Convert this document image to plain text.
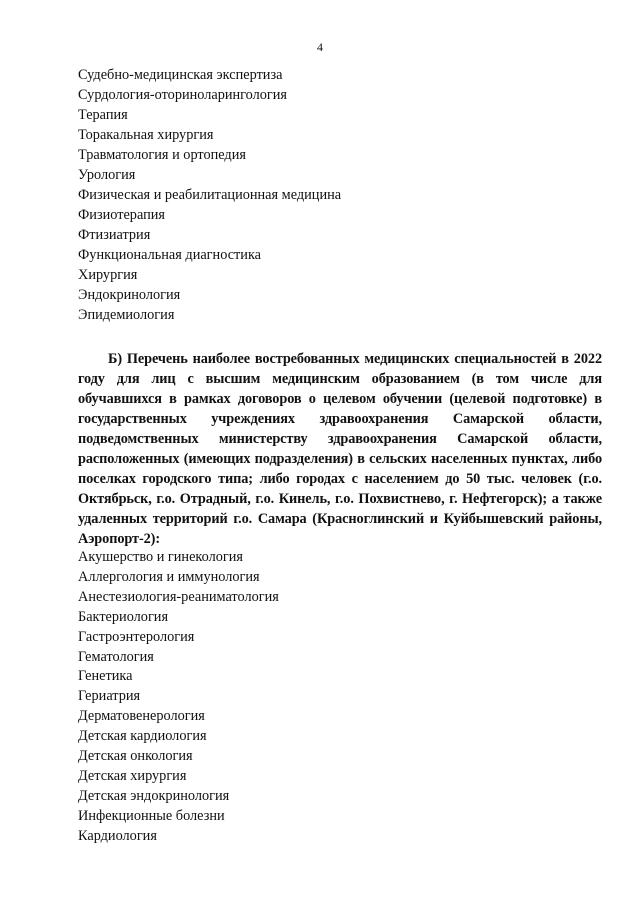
4
Судебно-медицинская экспертиза
Сурдология-оториноларингология
Терапия
Торакальная хирургия
Травматология и ортопедия
Урология
Физическая и реабилитационная медицина
Физиотерапия
Фтизиатрия
Функциональная диагностика
Хирургия
Эндокринология
Эпидемиология

Б) Перечень наиболее востребованных медицинских специальностей в 2022 году для лиц с высшим медицинским образованием (в том числе для обучавшихся в рамках договоров о целевом обучении (целевой подготовке) в государственных учреждениях здравоохранения Самарской области, подведомственных министерству здравоохранения Самарской области, расположенных (имеющих подразделения) в сельских населенных пунктах, либо поселках городского типа; либо городах с населением до 50 тыс. человек (г.о. Октябрьск, г.о. Отрадный, г.о. Кинель, г.о. Похвистнево, г. Нефтегорск); а также удаленных территорий г.о. Самара (Красноглинский и Куйбышевский районы, Аэропорт-2):

Акушерство и гинекология
Аллергология и иммунология
Анестезиология-реаниматология
Бактериология
Гастроэнтерология
Гематология
Генетика
Гериатрия
Дерматовенерология
Детская кардиология
Детская онкология
Детская хирургия
Детская эндокринология
Инфекционные болезни
Кардиология
